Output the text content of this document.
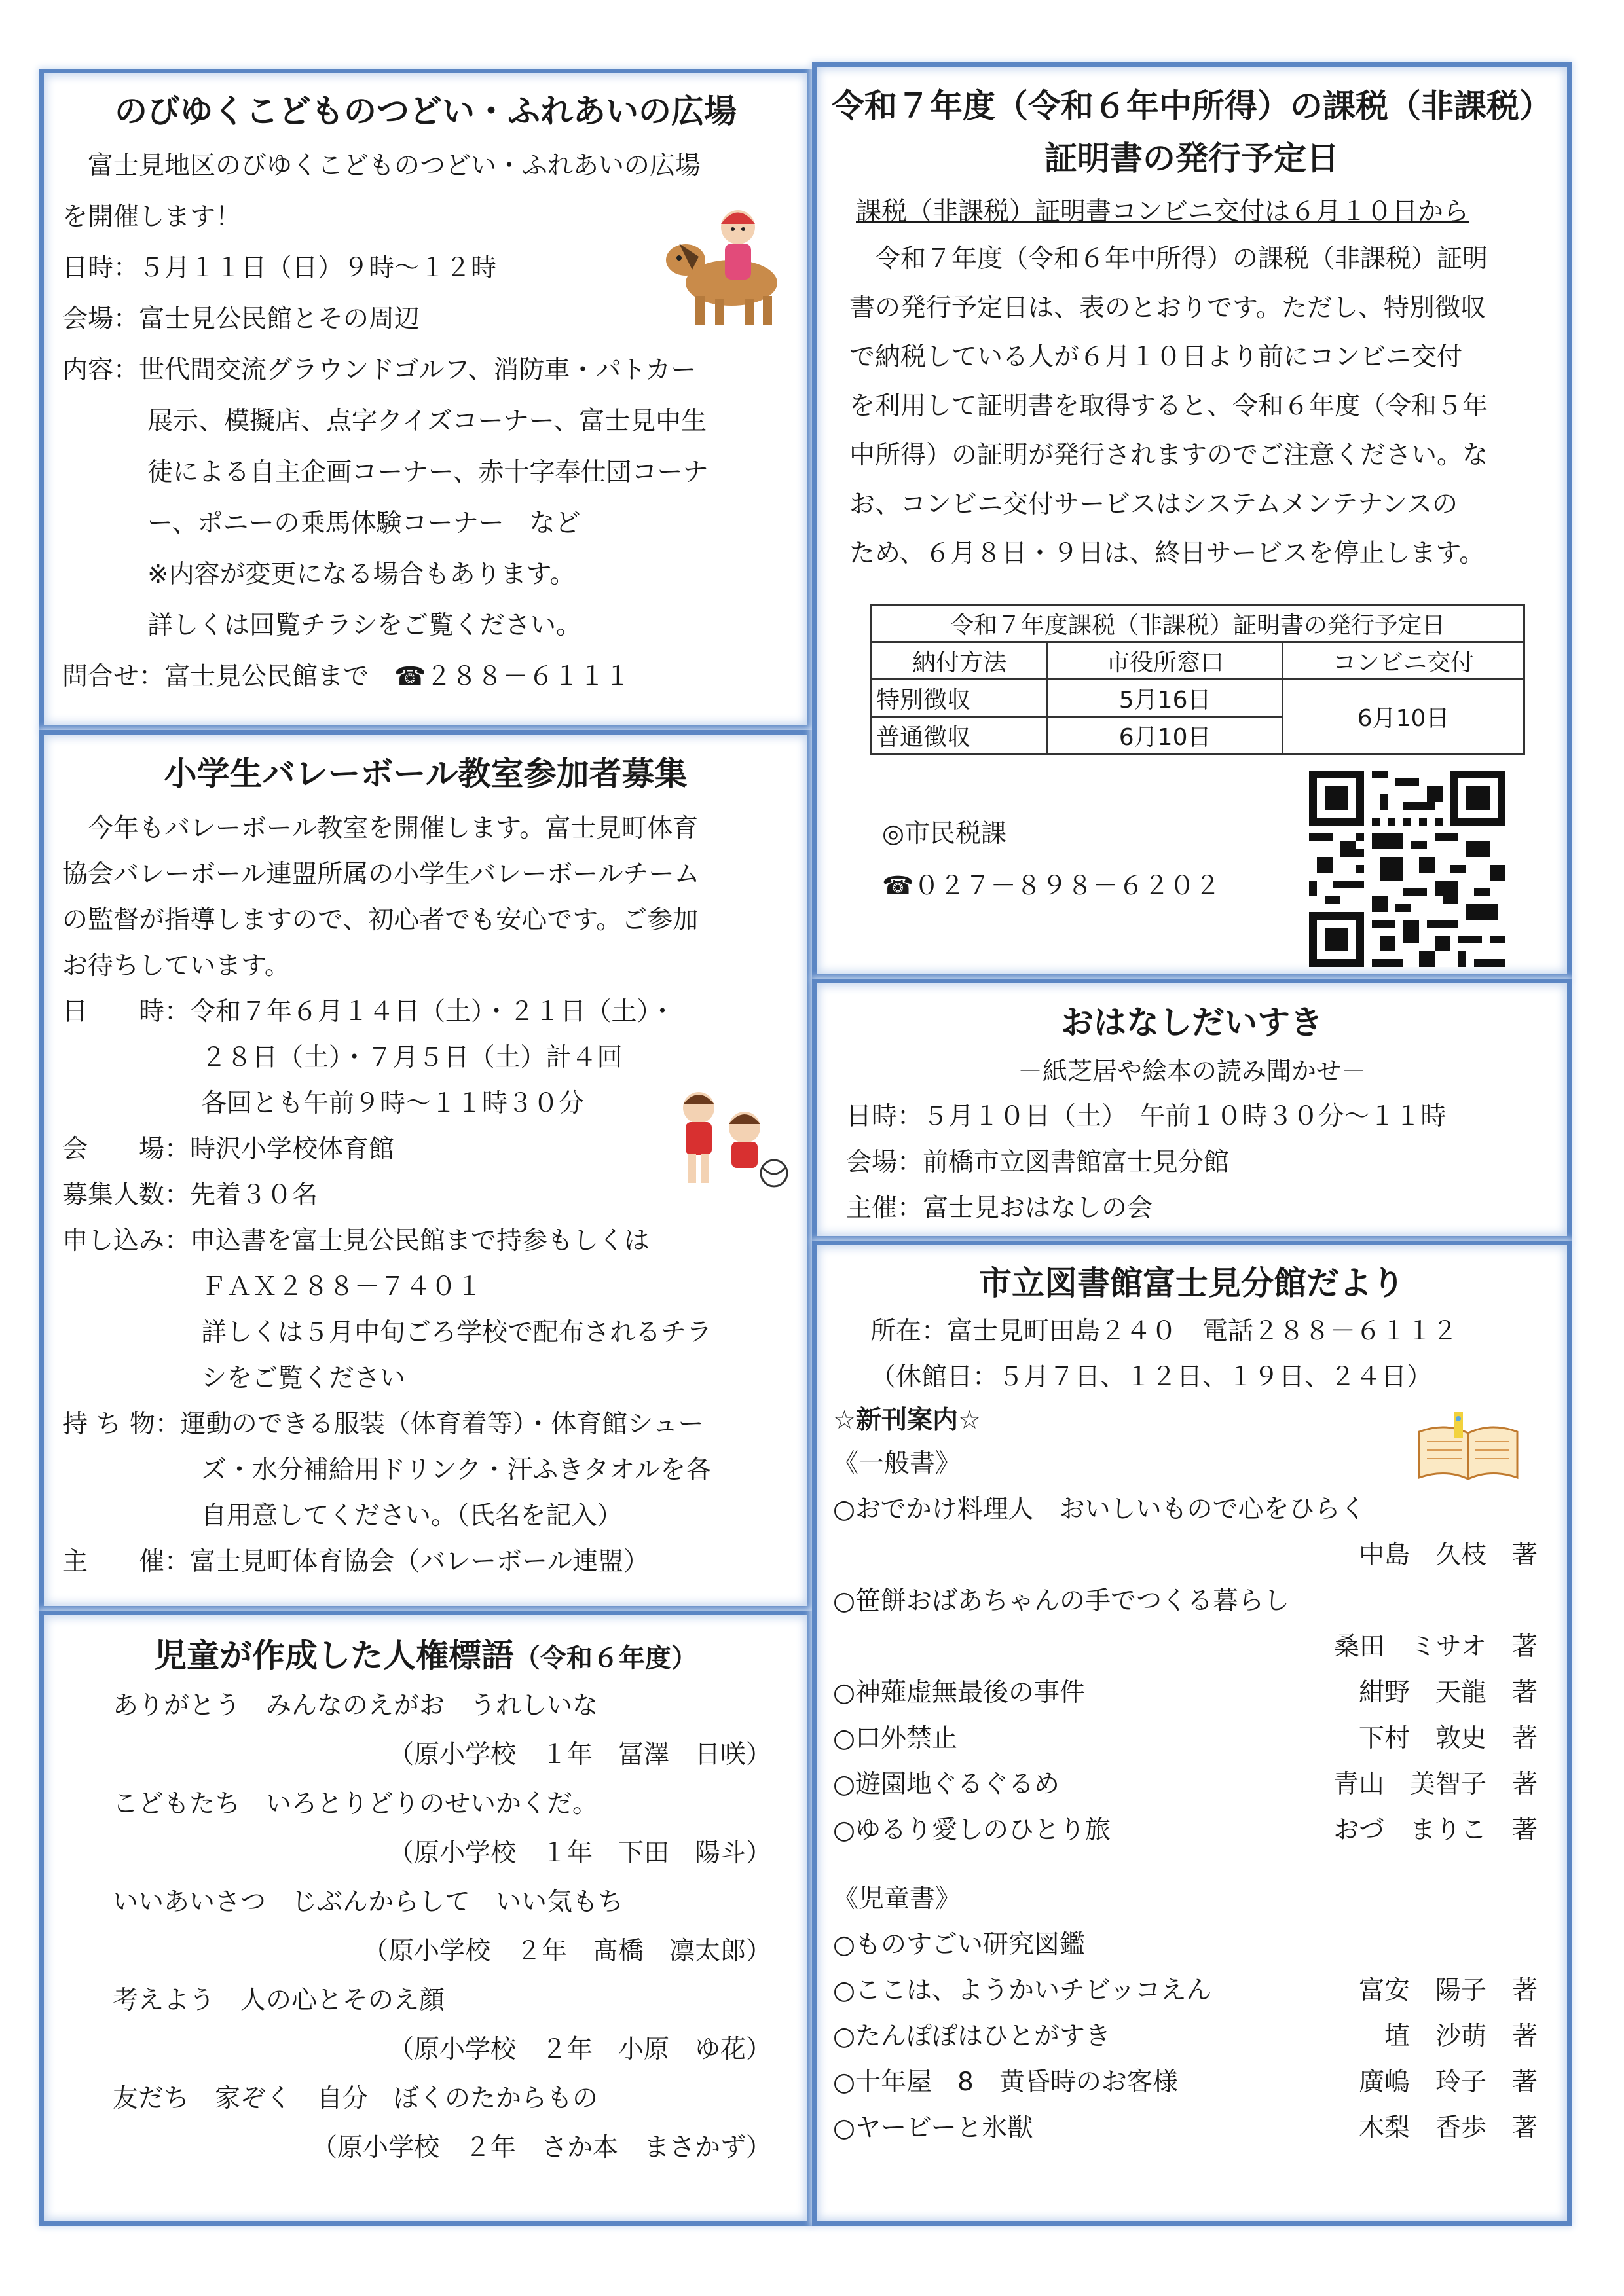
のびゆくこどものつどい・ふれあいの広場
　富士見地区のびゆくこどものつどい・ふれあいの広場
を開催します！
日時：５月１１日（日）９時～１２時
会場：富士見公民館とその周辺
内容：世代間交流グラウンドゴルフ、消防車・パトカー
展示、模擬店、点字クイズコーナー、富士見中生
徒による自主企画コーナー、赤十字奉仕団コーナ
ー、ポニーの乗馬体験コーナー　など
※内容が変更になる場合もあります。
詳しくは回覧チラシをご覧ください。
問合せ：富士見公民館まで　☎２８８－６１１１
小学生バレーボール教室参加者募集
　今年もバレーボール教室を開催します。富士見町体育
協会バレーボール連盟所属の小学生バレーボールチーム
の監督が指導しますので、初心者でも安心です。ご参加
お待ちしています。
日　　時：令和７年６月１４日（土）・２１日（土）・
２８日（土）・７月５日（土）計４回
各回とも午前９時～１１時３０分
会　　場：時沢小学校体育館
募集人数：先着３０名
申し込み：申込書を富士見公民館まで持参もしくは
ＦＡＸ２８８－７４０１
詳しくは５月中旬ごろ学校で配布されるチラ
シをご覧ください
持 ち 物：運動のできる服装（体育着等）・体育館シュー
ズ・水分補給用ドリンク・汗ふきタオルを各
自用意してください。（氏名を記入）
主　　催：富士見町体育協会（バレーボール連盟）
児童が作成した人権標語（令和６年度）
ありがとう　みんなのえがお　うれしいな
（原小学校　１年　冨澤　日咲）
こどもたち　いろとりどりのせいかくだ。
（原小学校　１年　下田　陽斗）
いいあいさつ　じぶんからして　いい気もち
（原小学校　２年　髙橋　凛太郎）
考えよう　人の心とそのえ顔
（原小学校　２年　小原　ゆ花）
友だち　家ぞく　自分　ぼくのたからもの
（原小学校　２年　さか本　まさかず）
令和７年度（令和６年中所得）の課税（非課税）
証明書の発行予定日
課税（非課税）証明書コンビニ交付は６月１０日から
　令和７年度（令和６年中所得）の課税（非課税）証明
書の発行予定日は、表のとおりです。ただし、特別徴収
で納税している人が６月１０日より前にコンビニ交付
を利用して証明書を取得すると、令和６年度（令和５年
中所得）の証明が発行されますのでご注意ください。な
お、コンビニ交付サービスはシステムメンテナンスの
ため、６月８日・９日は、終日サービスを停止します。
令和７年度課税（非課税）証明書の発行予定日		
納付方法	市役所窓口	コンビニ交付
特別徴収	5月16日	6月10日
普通徴収	6月10日	
◎市民税課
☎０２７－８９８－６２０２
おはなしだいすき
－紙芝居や絵本の読み聞かせ－
日時：５月１０日（土）　午前１０時３０分～１１時
会場：前橋市立図書館富士見分館
主催：富士見おはなしの会
市立図書館富士見分館だより
所在：富士見町田島２４０　電話２８８－６１１２
（休館日：５月７日、１２日、１９日、２４日）
☆新刊案内☆
《一般書》
○おでかけ料理人　おいしいもので心をひらく
中島　久枝　著
○笹餅おばあちゃんの手でつくる暮らし
桑田　ミサオ　著
○神薙虚無最後の事件	紺野　天龍　著
○口外禁止	下村　敦史　著
○遊園地ぐるぐるめ	青山　美智子　著
○ゆるり愛しのひとり旅	おづ　まりこ　著
《児童書》
○ものすごい研究図鑑
○ここは、ようかいチビッコえん	富安　陽子　著
○たんぽぽはひとがすき	埴　沙萌　著
○十年屋　8　黄昏時のお客様	廣嶋　玲子　著
○ヤービーと氷獣	木梨　香歩　著
